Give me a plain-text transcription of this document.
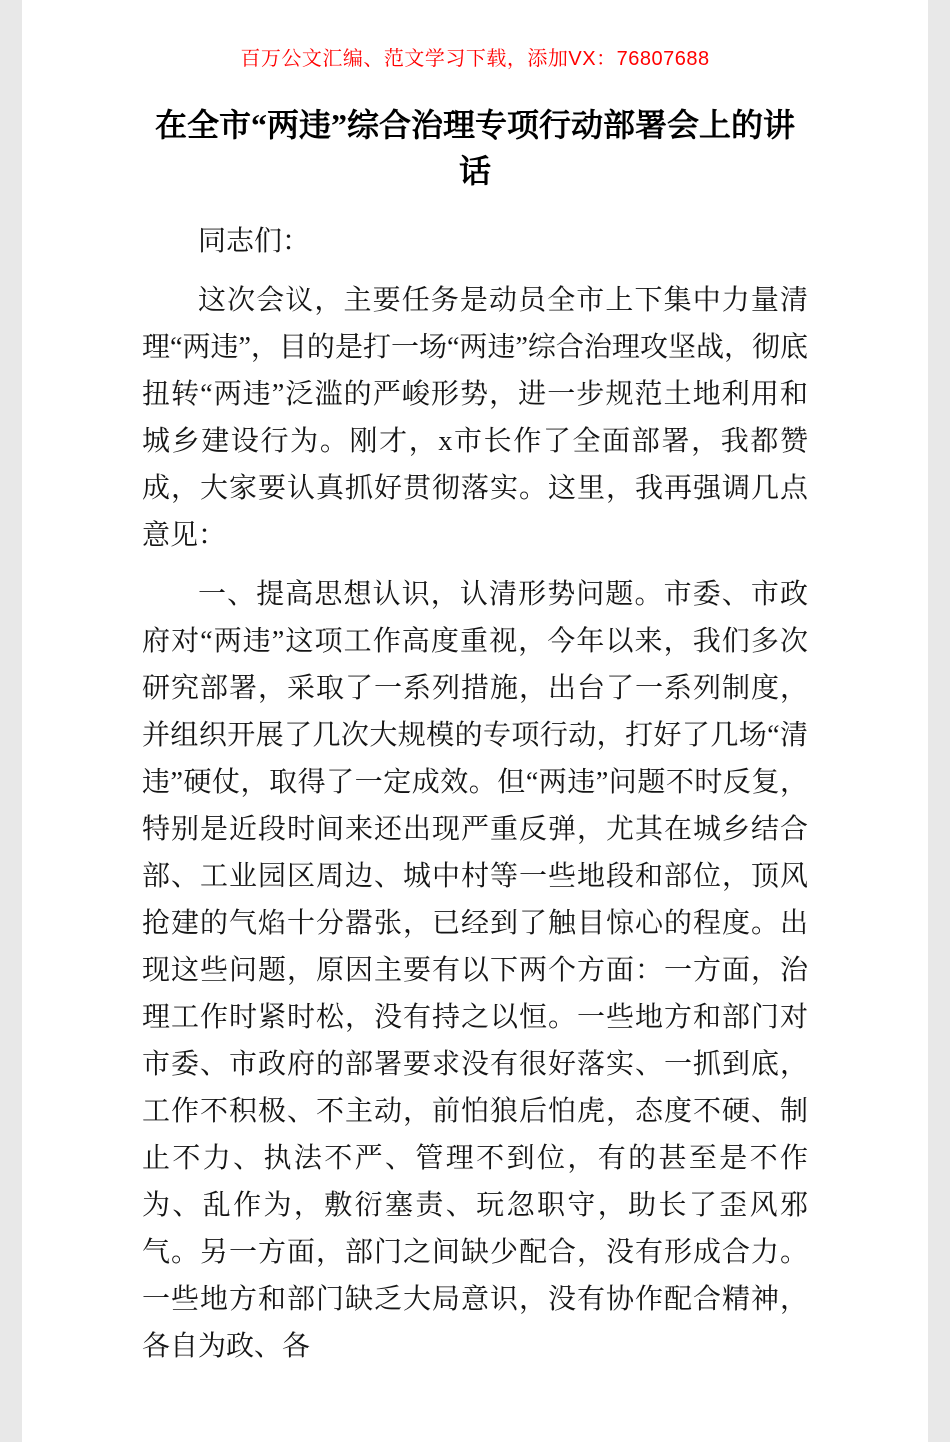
百万公文汇编、范文学习下载，添加VX：76807688
在全市“两违”综合治理专项行动部署会上的讲话

同志们：

这次会议，主要任务是动员全市上下集中力量清理“两违”，目的是打一场“两违”综合治理攻坚战，彻底扭转“两违”泛滥的严峻形势，进一步规范土地利用和城乡建设行为。刚才，x市长作了全面部署，我都赞成，大家要认真抓好贯彻落实。这里，我再强调几点意见：

一、提高思想认识，认清形势问题。市委、市政府对“两违”这项工作高度重视，今年以来，我们多次研究部署，采取了一系列措施，出台了一系列制度，并组织开展了几次大规模的专项行动，打好了几场“清违”硬仗，取得了一定成效。但“两违”问题不时反复，特别是近段时间来还出现严重反弹，尤其在城乡结合部、工业园区周边、城中村等一些地段和部位，顶风抢建的气焰十分嚣张，已经到了触目惊心的程度。出现这些问题，原因主要有以下两个方面：一方面，治理工作时紧时松，没有持之以恒。一些地方和部门对市委、市政府的部署要求没有很好落实、一抓到底，工作不积极、不主动，前怕狼后怕虎，态度不硬、制止不力、执法不严、管理不到位，有的甚至是不作为、乱作为，敷衍塞责、玩忽职守，助长了歪风邪气。另一方面，部门之间缺少配合，没有形成合力。一些地方和部门缺乏大局意识，没有协作配合精神，各自为政、各
